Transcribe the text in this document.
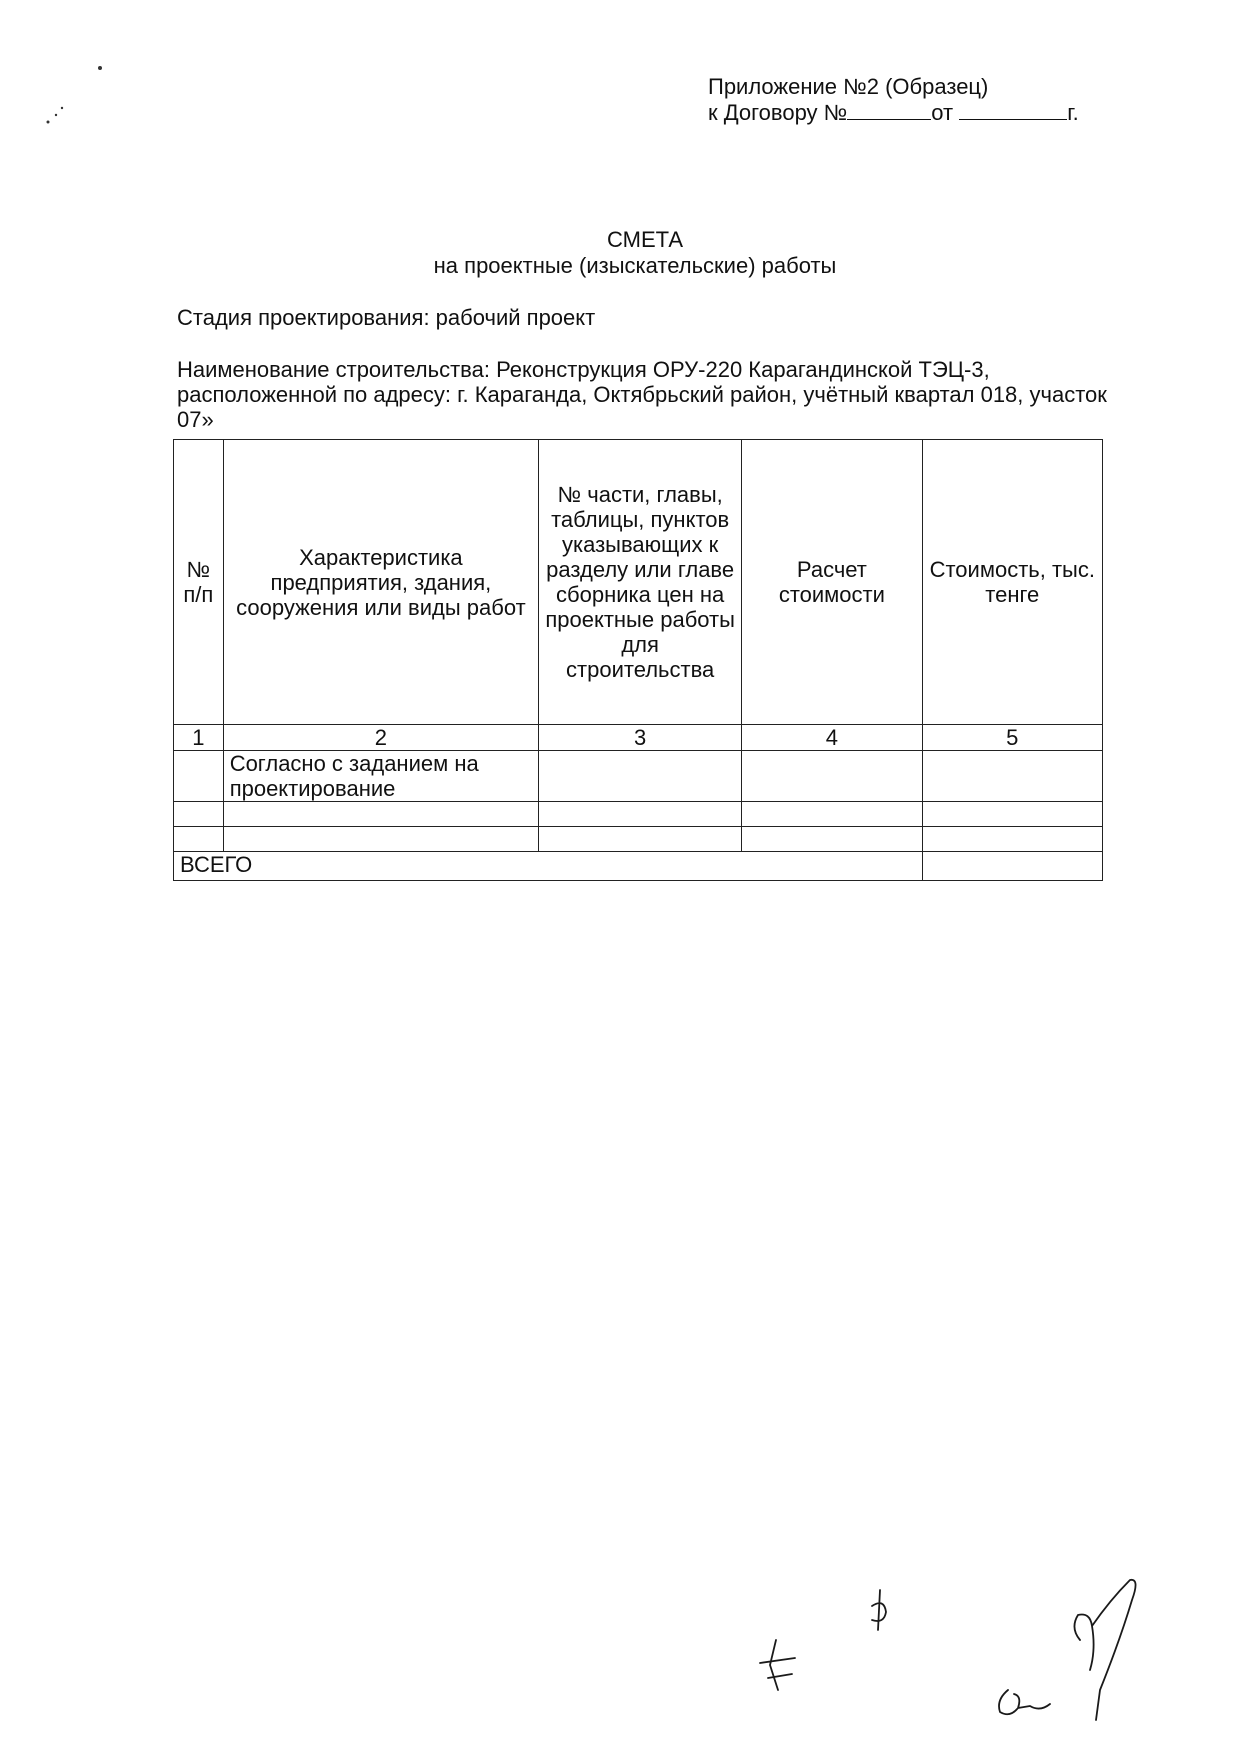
Приложение №2 (Образец)
к Договору №	от	г.
СМЕТА
на проектные (изыскательские) работы
Стадия проектирования: рабочий проект
Наименование строительства: Реконструкция ОРУ-220 Карагандинской ТЭЦ-3, расположенной по адресу: г. Караганда, Октябрьский район, учётный квартал 018, участок 07»
№ п/п	Характеристика предприятия, здания, сооружения или виды работ	№ части, главы, таблицы, пунктов указывающих к разделу или главе сборника цен на проектные работы для строительства	Расчет стоимости	Стоимость, тыс. тенге
1	2	3	4	5
	Согласно с заданием на проектирование			

ВСЕГО				
